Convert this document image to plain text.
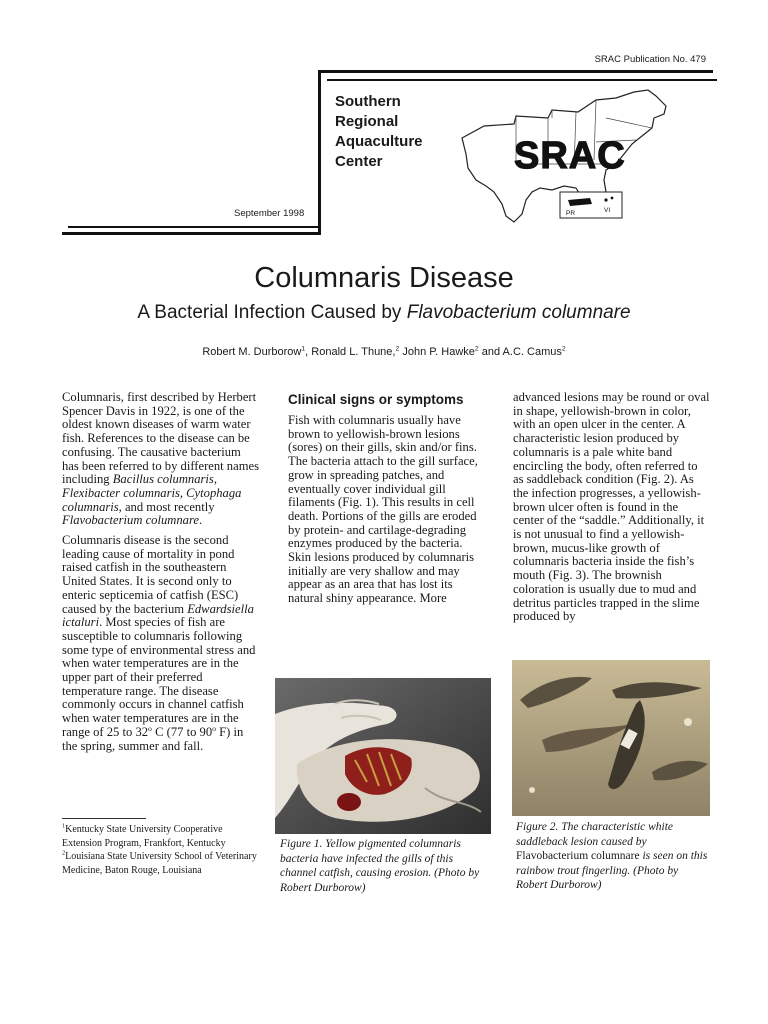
SRAC Publication No. 479
Southern
Regional
Aquaculture
Center	SRAC
PR	VI
September 1998
Columnaris Disease
A Bacterial Infection Caused by Flavobacterium columnare
Robert M. Durborow$^1$, Ronald L. Thune,$^2$ John P. Hawke$^2$ and A.C. Camus$^2$

Columnaris, first described by Herbert Spencer Davis in 1922, is one of the oldest known diseases of warm water fish. References to the disease can be confusing. The causative bacterium has been referred to by different names including Bacillus columnaris, Flexibacter columnaris, Cytophaga columnaris, and most recently Flavobacterium columnare.

Columnaris disease is the second leading cause of mortality in pond raised catfish in the southeastern United States. It is second only to enteric septicemia of catfish (ESC) caused by the bacterium Edwardsiella ictaluri. Most species of fish are susceptible to columnaris following some type of environmental stress and when water temperatures are in the upper part of their preferred temperature range. The disease commonly occurs in channel catfish when water temperatures are in the range of 25 to 32$^o$ C (77 to 90$^o$ F) in the spring, summer and fall.

$^1$Kentucky State University Cooperative Extension Program, Frankfort, Kentucky

$^2$Louisiana State University School of Veterinary Medicine, Baton Rouge, Louisiana

Clinical signs or symptoms

Fish with columnaris usually have brown to yellowish-brown lesions (sores) on their gills, skin and/or fins. The bacteria attach to the gill surface, grow in spreading patches, and eventually cover individual gill filaments (Fig. 1). This results in cell death. Portions of the gills are eroded by protein- and cartilage-degrading enzymes produced by the bacteria. Skin lesions produced by columnaris initially are very shallow and may appear as an area that has lost its natural shiny appearance. More

advanced lesions may be round or oval in shape, yellowish-brown in color, with an open ulcer in the center. A characteristic lesion produced by columnaris is a pale white band encircling the body, often referred to as saddleback condition (Fig. 2). As the infection progresses, a yellowish-brown ulcer often is found in the center of the “saddle.” Additionally, it is not unusual to find a yellowish-brown, mucus-like growth of columnaris bacteria inside the fish’s mouth (Fig. 3). The brownish coloration is usually due to mud and detritus particles trapped in the slime produced by

Figure 1. Yellow pigmented columnaris bacteria have infected the gills of this channel catfish, causing erosion. (Photo by Robert Durborow)
Figure 2. The characteristic white saddleback lesion caused by Flavobacterium columnare is seen on this rainbow trout fingerling. (Photo by Robert Durborow)
